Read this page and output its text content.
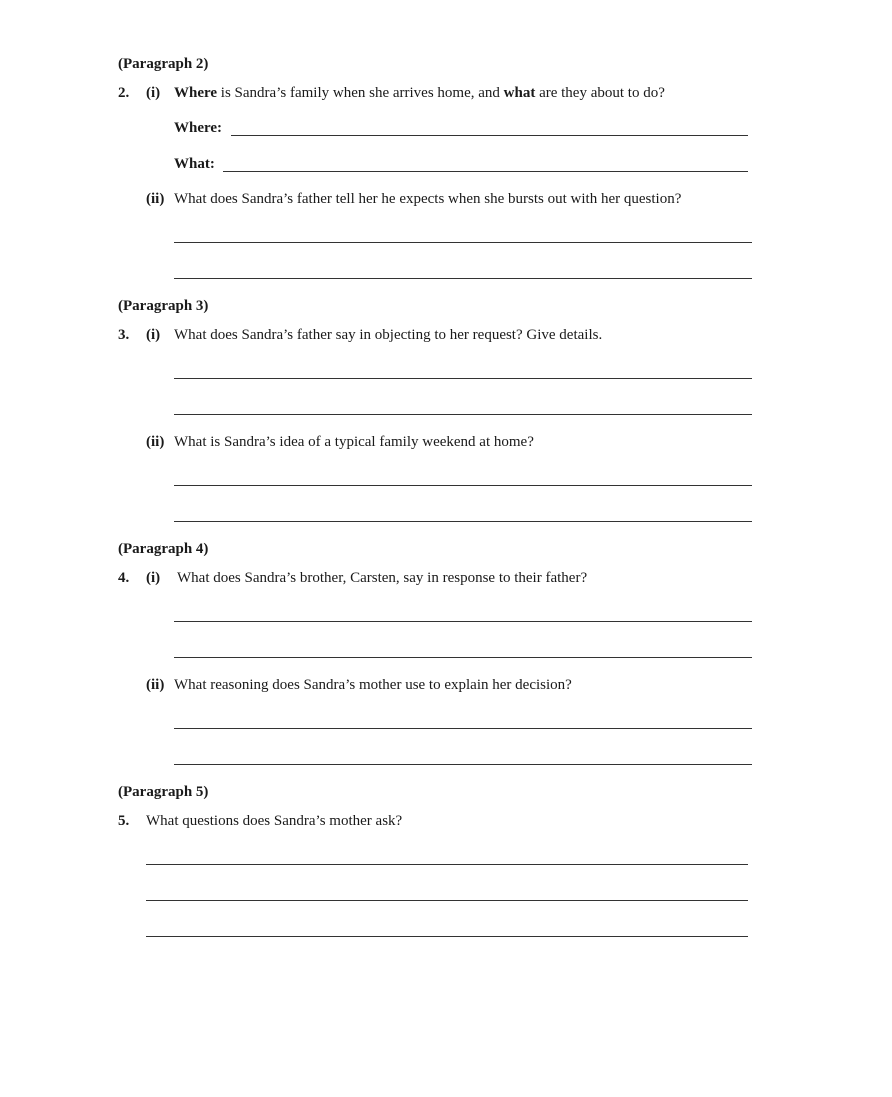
(Paragraph 2)
2. (i) Where is Sandra’s family when she arrives home, and what are they about to do?
Where:
What:
(ii) What does Sandra’s father tell her he expects when she bursts out with her question?
(Paragraph 3)
3. (i) What does Sandra’s father say in objecting to her request? Give details.
(ii) What is Sandra’s idea of a typical family weekend at home?
(Paragraph 4)
4. (i) What does Sandra’s brother, Carsten, say in response to their father?
(ii) What reasoning does Sandra’s mother use to explain her decision?
(Paragraph 5)
5. What questions does Sandra’s mother ask?
